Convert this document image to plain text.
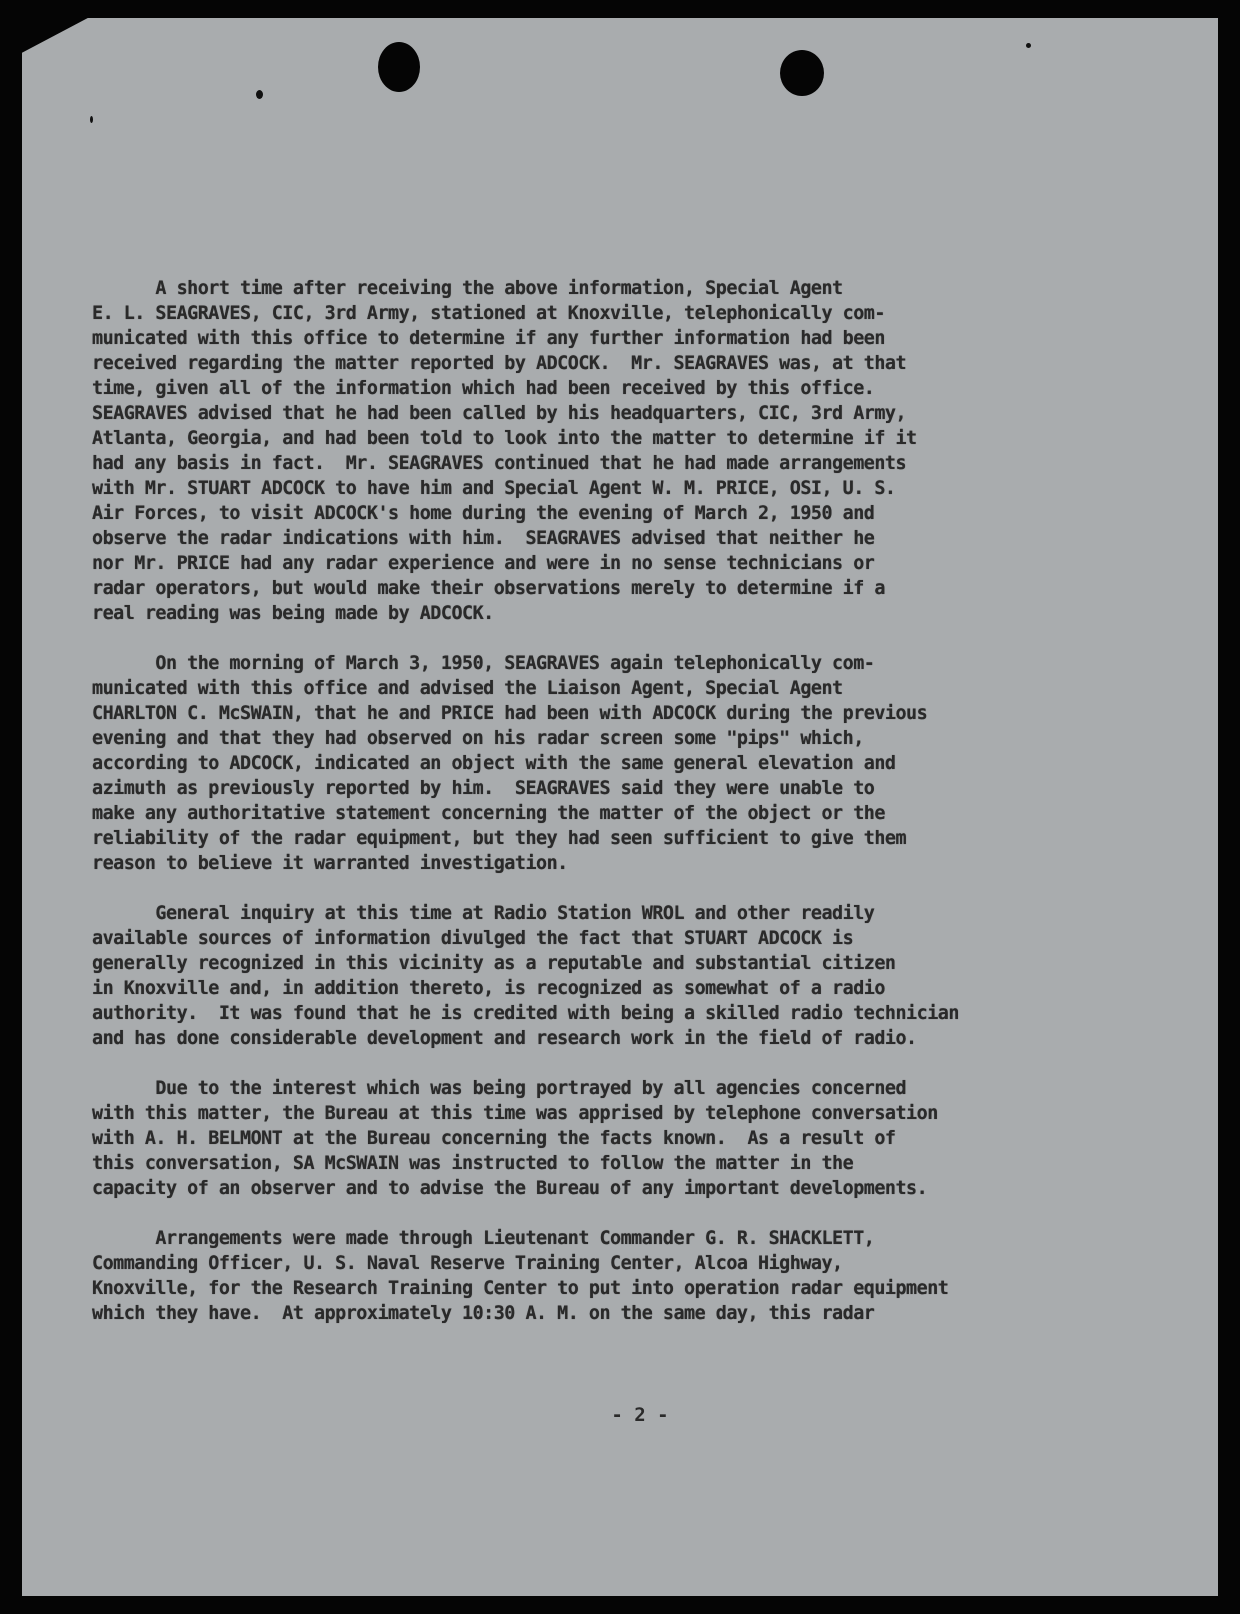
A short time after receiving the above information, Special Agent
E. L. SEAGRAVES, CIC, 3rd Army, stationed at Knoxville, telephonically com-
municated with this office to determine if any further information had been
received regarding the matter reported by ADCOCK.  Mr. SEAGRAVES was, at that
time, given all of the information which had been received by this office.
SEAGRAVES advised that he had been called by his headquarters, CIC, 3rd Army,
Atlanta, Georgia, and had been told to look into the matter to determine if it
had any basis in fact.  Mr. SEAGRAVES continued that he had made arrangements
with Mr. STUART ADCOCK to have him and Special Agent W. M. PRICE, OSI, U. S.
Air Forces, to visit ADCOCK's home during the evening of March 2, 1950 and
observe the radar indications with him.  SEAGRAVES advised that neither he
nor Mr. PRICE had any radar experience and were in no sense technicians or
radar operators, but would make their observations merely to determine if a
real reading was being made by ADCOCK.
On the morning of March 3, 1950, SEAGRAVES again telephonically com-
municated with this office and advised the Liaison Agent, Special Agent
CHARLTON C. McSWAIN, that he and PRICE had been with ADCOCK during the previous
evening and that they had observed on his radar screen some "pips" which,
according to ADCOCK, indicated an object with the same general elevation and
azimuth as previously reported by him.  SEAGRAVES said they were unable to
make any authoritative statement concerning the matter of the object or the
reliability of the radar equipment, but they had seen sufficient to give them
reason to believe it warranted investigation.
General inquiry at this time at Radio Station WROL and other readily
available sources of information divulged the fact that STUART ADCOCK is
generally recognized in this vicinity as a reputable and substantial citizen
in Knoxville and, in addition thereto, is recognized as somewhat of a radio
authority.  It was found that he is credited with being a skilled radio technician
and has done considerable development and research work in the field of radio.
Due to the interest which was being portrayed by all agencies concerned
with this matter, the Bureau at this time was apprised by telephone conversation
with A. H. BELMONT at the Bureau concerning the facts known.  As a result of
this conversation, SA McSWAIN was instructed to follow the matter in the
capacity of an observer and to advise the Bureau of any important developments.
Arrangements were made through Lieutenant Commander G. R. SHACKLETT,
Commanding Officer, U. S. Naval Reserve Training Center, Alcoa Highway,
Knoxville, for the Research Training Center to put into operation radar equipment
which they have.  At approximately 10:30 A. M. on the same day, this radar
- 2 -
